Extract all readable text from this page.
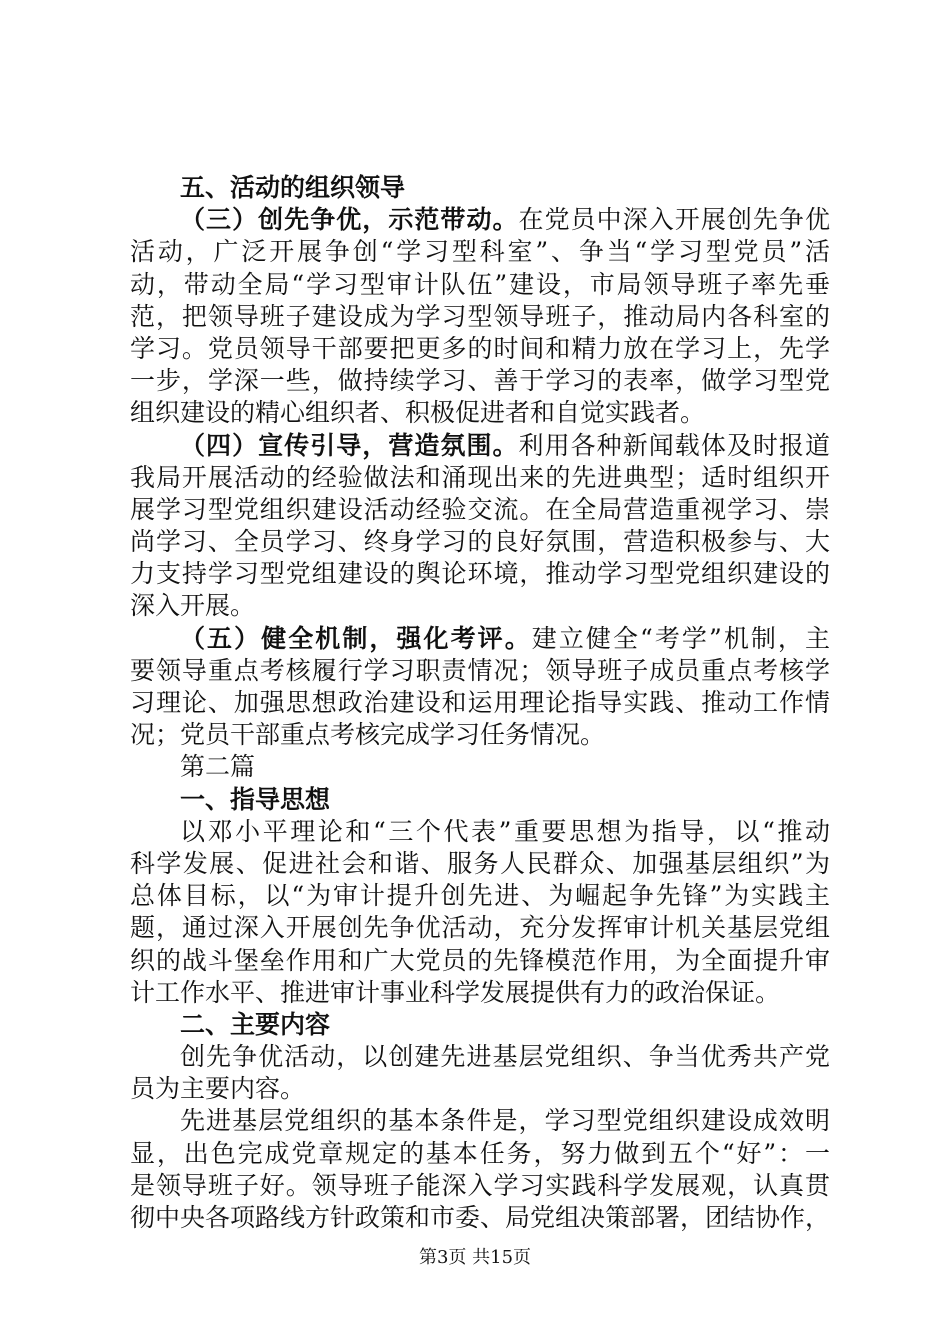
五、活动的组织领导
（三）创先争优，示范带动。在党员中深入开展创先争优
活动，广泛开展争创“学习型科室”、争当“学习型党员”活
动，带动全局“学习型审计队伍”建设，市局领导班子率先垂
范，把领导班子建设成为学习型领导班子，推动局内各科室的
学习。党员领导干部要把更多的时间和精力放在学习上，先学
一步，学深一些，做持续学习、善于学习的表率，做学习型党
组织建设的精心组织者、积极促进者和自觉实践者。
（四）宣传引导，营造氛围。利用各种新闻载体及时报道
我局开展活动的经验做法和涌现出来的先进典型；适时组织开
展学习型党组织建设活动经验交流。在全局营造重视学习、崇
尚学习、全员学习、终身学习的良好氛围，营造积极参与、大
力支持学习型党组建设的舆论环境，推动学习型党组织建设的
深入开展。
（五）健全机制，强化考评。建立健全“考学”机制，主
要领导重点考核履行学习职责情况；领导班子成员重点考核学
习理论、加强思想政治建设和运用理论指导实践、推动工作情
况；党员干部重点考核完成学习任务情况。
第二篇
一、指导思想
以邓小平理论和“三个代表”重要思想为指导，以“推动
科学发展、促进社会和谐、服务人民群众、加强基层组织”为
总体目标，以“为审计提升创先进、为崛起争先锋”为实践主
题，通过深入开展创先争优活动，充分发挥审计机关基层党组
织的战斗堡垒作用和广大党员的先锋模范作用，为全面提升审
计工作水平、推进审计事业科学发展提供有力的政治保证。
二、主要内容
创先争优活动，以创建先进基层党组织、争当优秀共产党
员为主要内容。
先进基层党组织的基本条件是，学习型党组织建设成效明
显，出色完成党章规定的基本任务，努力做到五个“好”：一
是领导班子好。领导班子能深入学习实践科学发展观，认真贯
彻中央各项路线方针政策和市委、局党组决策部署，团结协作，
第3页 共15页
